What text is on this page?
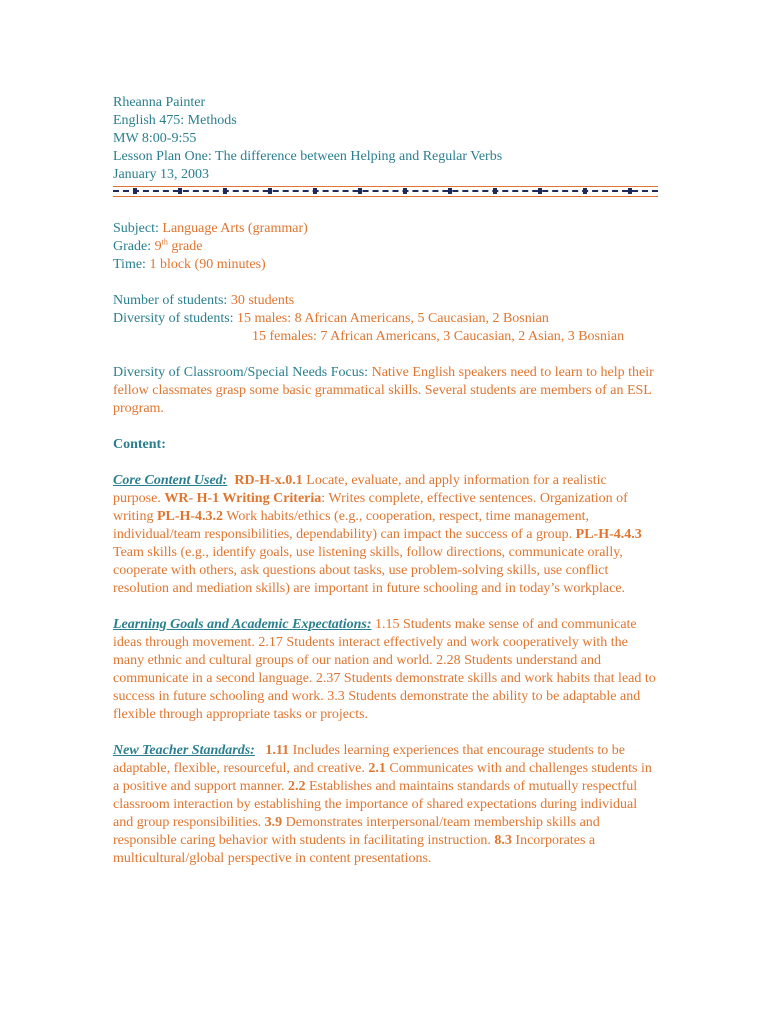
Rheanna Painter

English 475: Methods

MW 8:00-9:55

Lesson Plan One: The difference between Helping and Regular Verbs

January 13, 2003

Subject: Language Arts (grammar)

Grade: 9th grade

Time: 1 block (90 minutes)

Number of students: 30 students

Diversity of students: 15 males: 8 African Americans, 5 Caucasian, 2 Bosnian

15 females: 7 African Americans, 3 Caucasian, 2 Asian, 3 Bosnian

Diversity of Classroom/Special Needs Focus: Native English speakers need to learn to help their fellow classmates grasp some basic grammatical skills. Several students are members of an ESL program.

Content:

Core Content Used: RD-H-x.0.1 Locate, evaluate, and apply information for a realistic purpose. WR- H-1 Writing Criteria: Writes complete, effective sentences. Organization of writing PL-H-4.3.2 Work habits/ethics (e.g., cooperation, respect, time management, individual/team responsibilities, dependability) can impact the success of a group. PL-H-4.4.3 Team skills (e.g., identify goals, use listening skills, follow directions, communicate orally, cooperate with others, ask questions about tasks, use problem-solving skills, use conflict resolution and mediation skills) are important in future schooling and in today’s workplace.

Learning Goals and Academic Expectations: 1.15 Students make sense of and communicate ideas through movement. 2.17 Students interact effectively and work cooperatively with the many ethnic and cultural groups of our nation and world. 2.28 Students understand and communicate in a second language. 2.37 Students demonstrate skills and work habits that lead to success in future schooling and work. 3.3 Students demonstrate the ability to be adaptable and flexible through appropriate tasks or projects.

New Teacher Standards: 1.11 Includes learning experiences that encourage students to be adaptable, flexible, resourceful, and creative. 2.1 Communicates with and challenges students in a positive and support manner. 2.2 Establishes and maintains standards of mutually respectful classroom interaction by establishing the importance of shared expectations during individual and group responsibilities. 3.9 Demonstrates interpersonal/team membership skills and responsible caring behavior with students in facilitating instruction. 8.3 Incorporates a multicultural/global perspective in content presentations.
